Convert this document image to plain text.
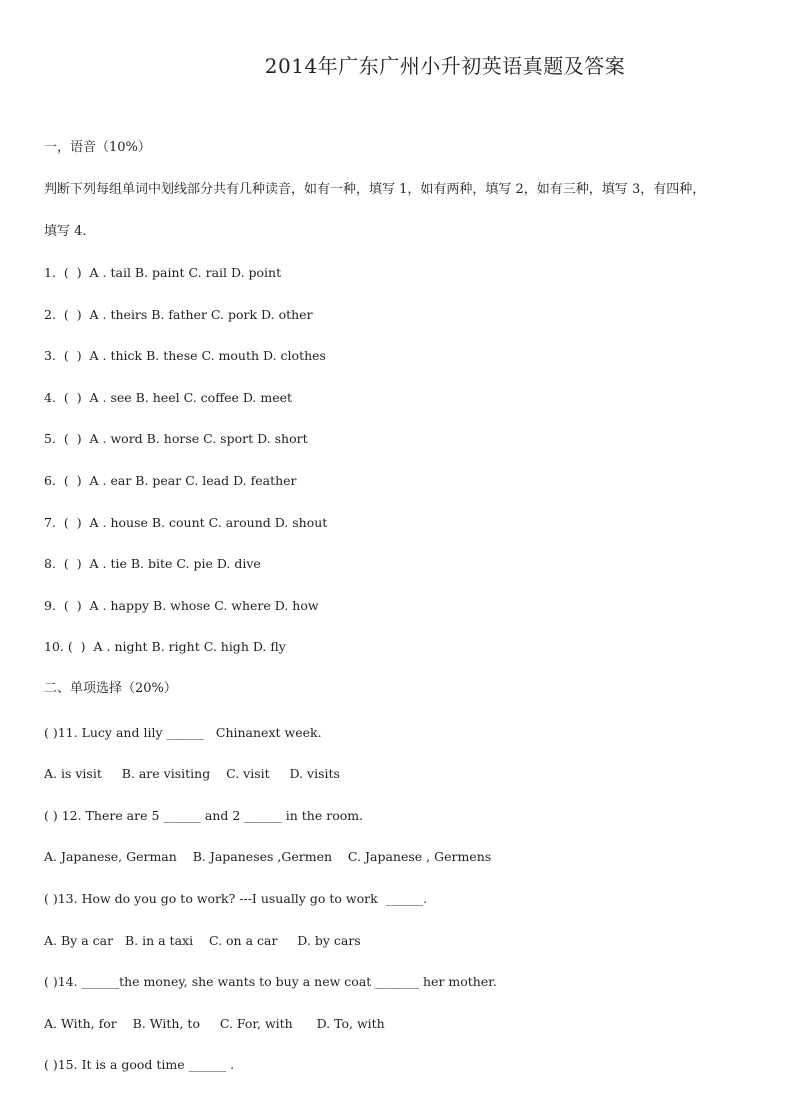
2014年广东广州小升初英语真题及答案
一，语音（10%）
判断下列每组单词中划线部分共有几种读音，如有一种，填写 1，如有两种，填写 2，如有三种，填写 3，有四种，
填写 4.
1.  (  )  A . tail B. paint C. rail D. point
2.  (  )  A . theirs B. father C. pork D. other
3.  (  )  A . thick B. these C. mouth D. clothes
4.  (  )  A . see B. heel C. coffee D. meet
5.  (  )  A . word B. horse C. sport D. short
6.  (  )  A . ear B. pear C. lead D. feather
7.  (  )  A . house B. count C. around D. shout
8.  (  )  A . tie B. bite C. pie D. dive
9.  (  )  A . happy B. whose C. where D. how
10. (  )  A . night B. right C. high D. fly
二、单项选择（20%）
( )11. Lucy and lily ______   Chinanext week.
A. is visit     B. are visiting    C. visit     D. visits
( ) 12. There are 5 ______ and 2 ______ in the room.
A. Japanese, German    B. Japaneses ,Germen    C. Japanese , Germens
( )13. How do you go to work? ---I usually go to work  ______.
A. By a car   B. in a taxi    C. on a car     D. by cars
( )14. ______the money, she wants to buy a new coat _______ her mother.
A. With, for    B. With, to     C. For, with      D. To, with
( )15. It is a good time ______ .
